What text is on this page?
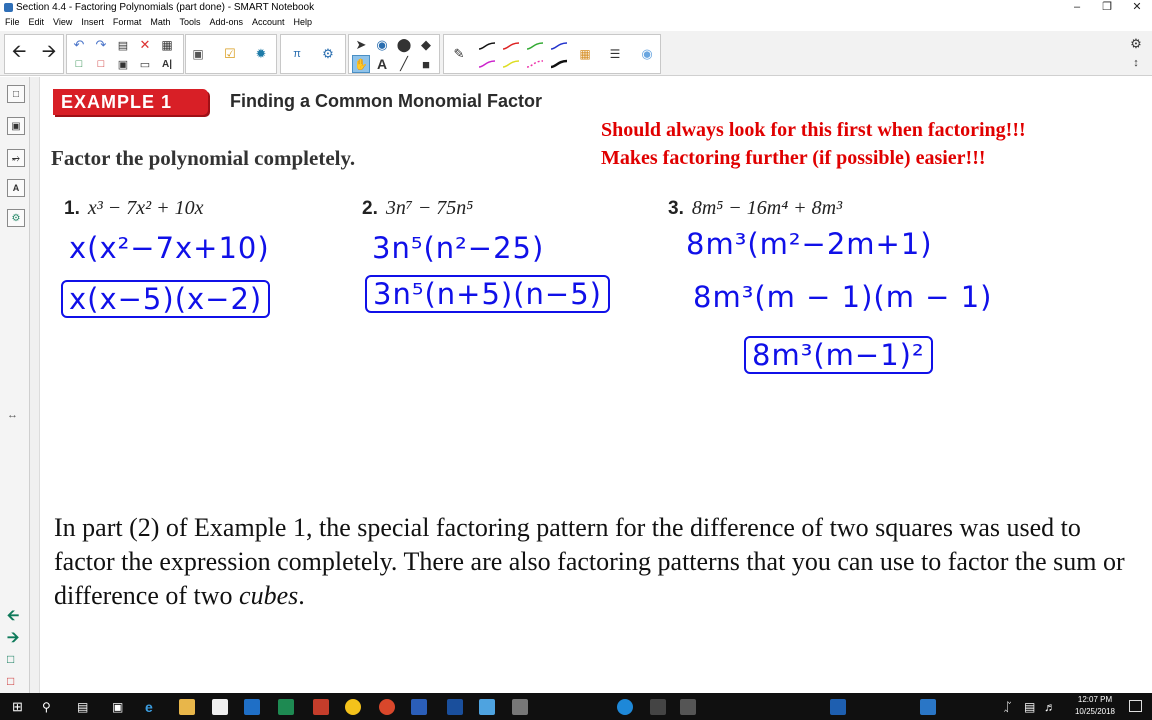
Section 4.4 - Factoring Polynomials (part done) - SMART Notebook	–	❐	✕
File Edit View Insert Format Math Tools Add-ons Account Help
🡨 🡪 ↶ ↷	▤ ✕ ▦
□	□	▣	▭	A|
▣ ☑ ✹	π	⚙
➤ ◉ ⬤ ◆
✋ A	╱	■
✎	▦	☰ ◉
⚙
↕
□
▣
⥴
A
⚙
↔
🡨
🡪
□
□
EXAMPLE 1	Finding a Common Monomial Factor
Factor the polynomial completely.
Should always look for this first when factoring!!!
Makes factoring further (if possible) easier!!!
1. x³ − 7x² + 10x	2. 3n⁷ − 75n⁵	3. 8m⁵ − 16m⁴ + 8m³
x(x²−7x+10)
x(x−5)(x−2)
3n⁵(n²−25)
3n⁵(n+5)(n−5)
8m³(m²−2m+1)
8m³(m − 1)(m − 1)
8m³(m−1)²
In part (2) of Example 1, the special factoring pattern for the difference of two squares was used to factor the expression completely. There are also factoring patterns that you can use to factor the sum or difference of two cubes.
⊞	⚲	▤	▣	e	ᛢ	▤ ♬
12:07 PM
10/25/2018
